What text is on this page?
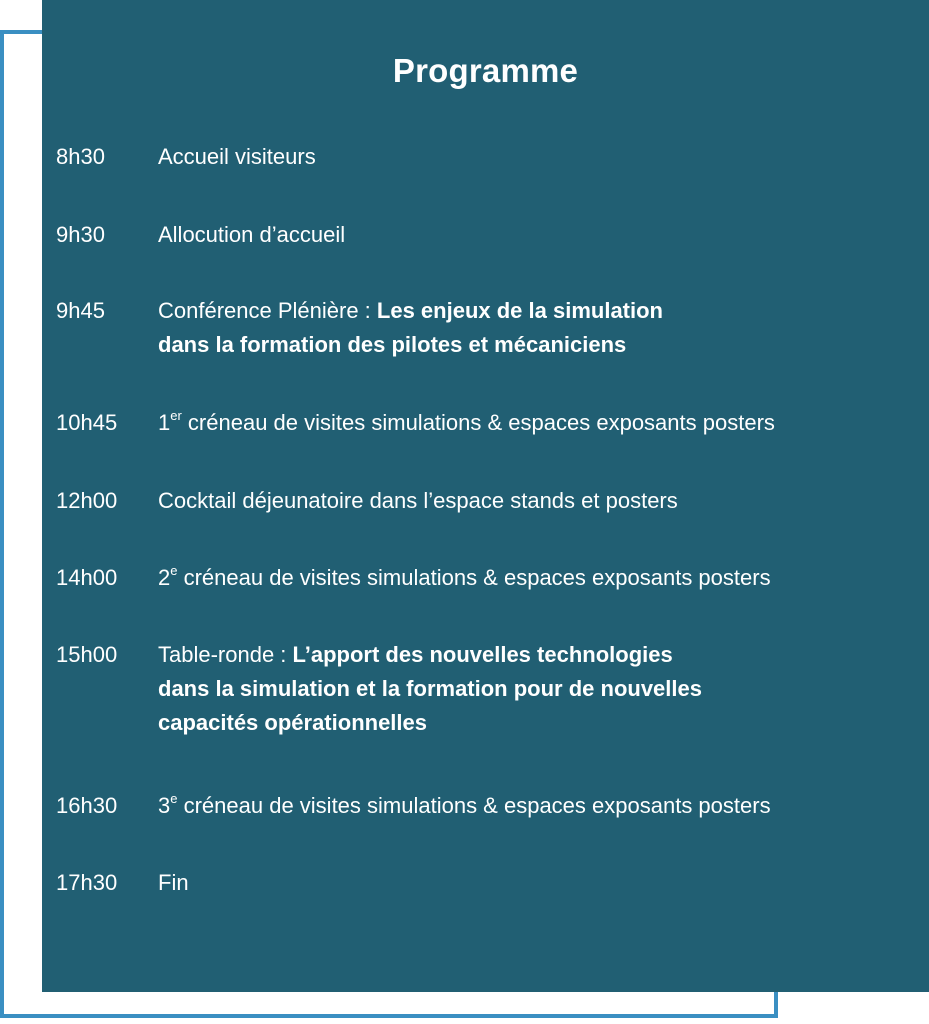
Programme
8h30	Accueil visiteurs
9h30	Allocution d’accueil
9h45	Conférence Plénière : Les enjeux de la simulation
dans la formation des pilotes et mécaniciens
10h45	1er créneau de visites simulations & espaces exposants posters
12h00	Cocktail déjeunatoire dans l’espace stands et posters
14h00	2e créneau de visites simulations & espaces exposants posters
15h00	Table-ronde : L’apport des nouvelles technologies
dans la simulation et la formation pour de nouvelles
capacités opérationnelles
16h30	3e créneau de visites simulations & espaces exposants posters
17h30	Fin
